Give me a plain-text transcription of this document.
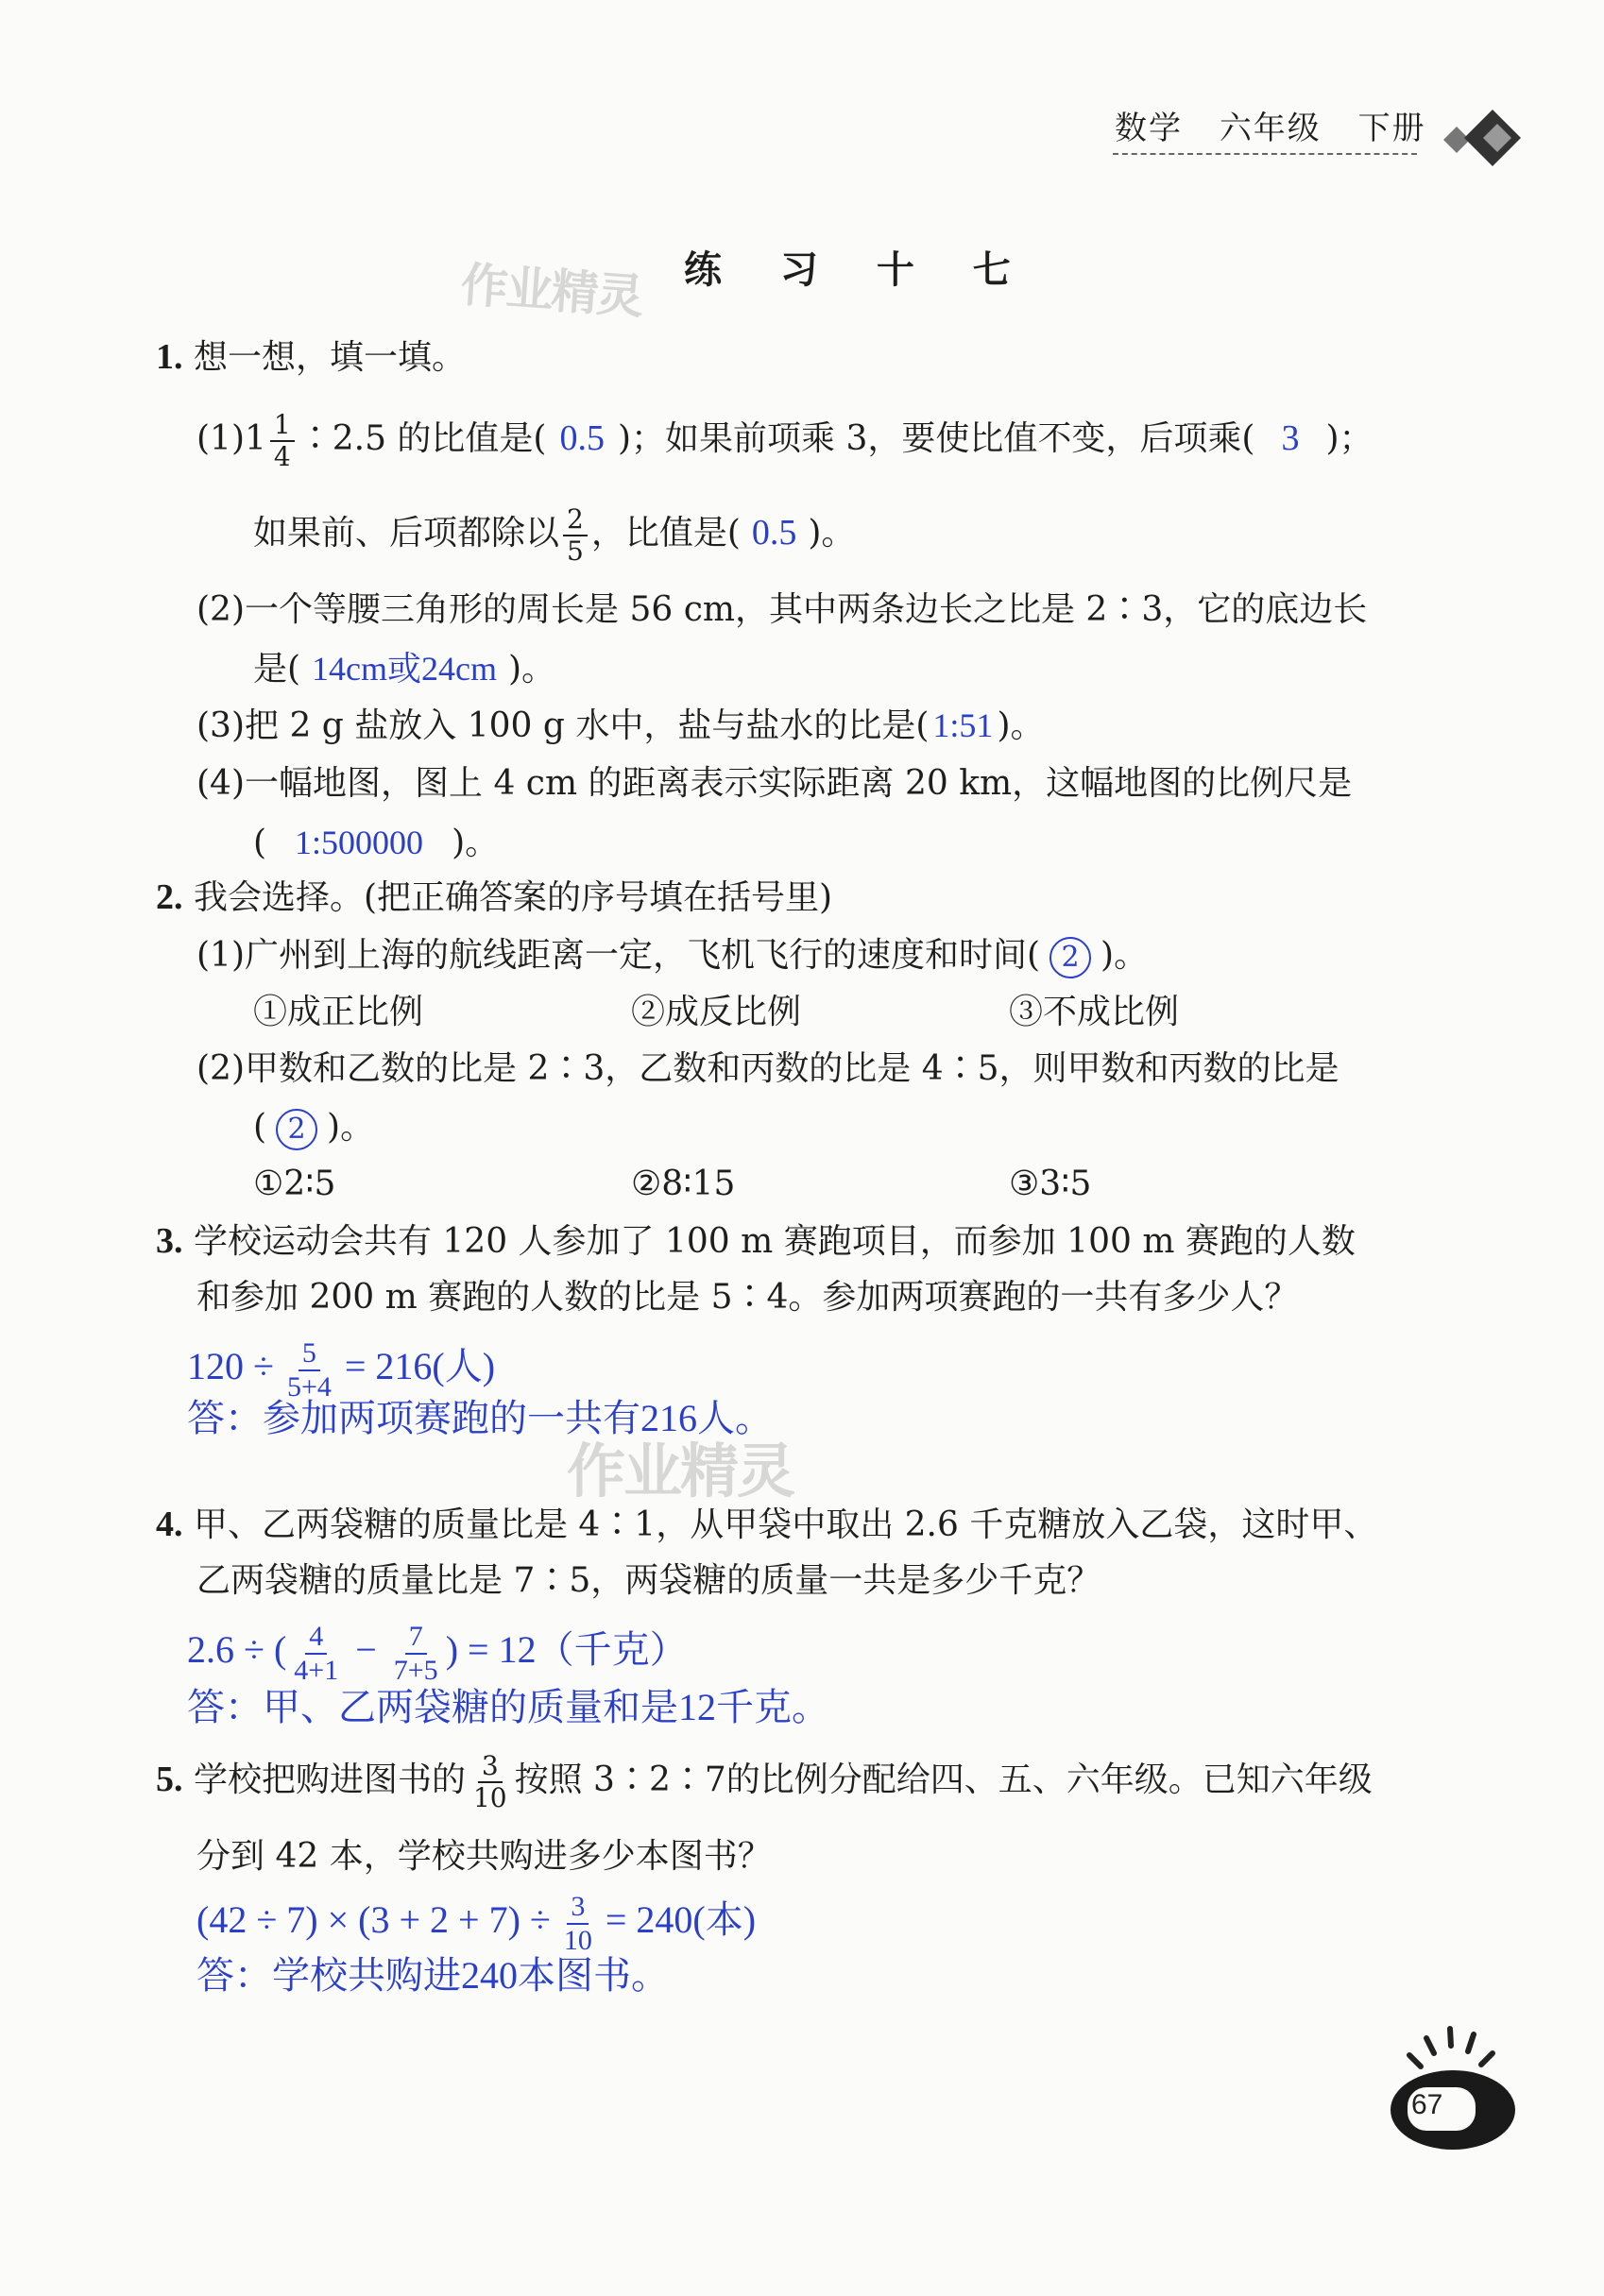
数学 六年级 下册
练 习 十 七
作业精灵
1. 想一想，填一填。
$(1)1 \frac{1}{4}$ ∶2.5 的比值是( 0.5 )；如果前项乘 3，要使比值不变，后项乘( 3 )；
如果前、后项都除以 $\frac{2}{5}$ ，比值是( 0.5 )。
(2)一个等腰三角形的周长是 56 cm，其中两条边长之比是 2∶3，它的底边长
是( 14cm或24cm )。
(3)把 2 g 盐放入 100 g 水中，盐与盐水的比是( 1:51 )。
(4)一幅地图，图上 4 cm 的距离表示实际距离 20 km，这幅地图的比例尺是
( 1:500000 )。
2. 我会选择。(把正确答案的序号填在括号里)
(1)广州到上海的航线距离一定，飞机飞行的速度和时间( 2 )。
①成正比例	②成反比例	③不成比例
(2)甲数和乙数的比是 2∶3，乙数和丙数的比是 4∶5，则甲数和丙数的比是
( 2 )。
①2∶5	②8∶15	③3∶5
3. 学校运动会共有 120 人参加了 100 m 赛跑项目，而参加 100 m 赛跑的人数
和参加 200 m 赛跑的人数的比是 5∶4。参加两项赛跑的一共有多少人？
$120 \div \frac{5}{5+4} = 216$(人)
答：参加两项赛跑的一共有216人。
作业精灵
4. 甲、乙两袋糖的质量比是 4∶1，从甲袋中取出 2.6 千克糖放入乙袋，这时甲、
乙两袋糖的质量比是 7∶5，两袋糖的质量一共是多少千克？
2.6 ÷ ( $\frac{4}{4+1} - \frac{7}{7+5}$ ) = 12（千克）
答：甲、乙两袋糖的质量和是12千克。
5. 学校把购进图书的 $\frac{3}{10}$ 按照 3∶2∶7的比例分配给四、五、六年级。已知六年级
分到 42 本，学校共购进多少本图书？
$(42 \div 7) \times (3 + 2 + 7) \div \frac{3}{10} = 240$(本)
答：学校共购进240本图书。
67
